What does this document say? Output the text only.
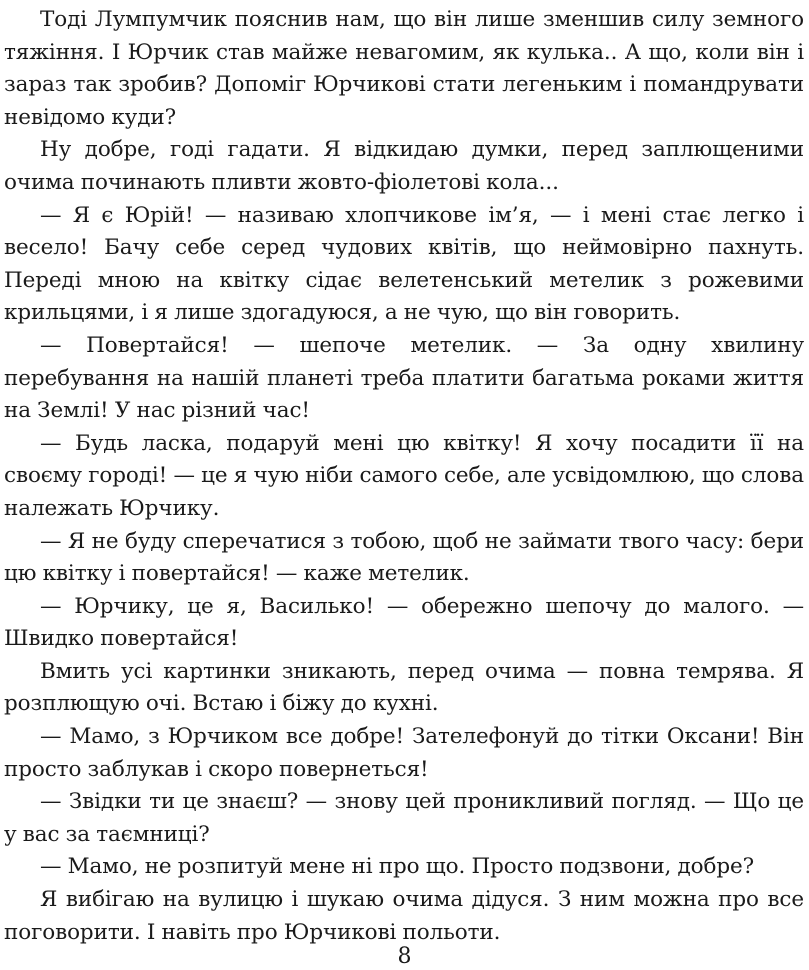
Тоді Лумпумчик пояснив нам, що він лише зменшив силу земного тяжіння. І Юрчик став майже невагомим, як кулька.. А що, коли він і зараз так зробив? Допоміг Юрчикові стати легеньким і помандрувати невідомо куди?

Ну добре, годі гадати. Я відкидаю думки, перед заплющеними очима починають пливти жовто-фіолетові кола...

— Я є Юрій! — називаю хлопчикове ім’я, — і мені стає легко і весело! Бачу себе серед чудових квітів, що неймовірно пахнуть. Переді мною на квітку сідає велетенський метелик з рожевими крильцями, і я лише здогадуюся, а не чую, що він говорить.

— Повертайся! — шепоче метелик. — За одну хвилину перебування на нашій планеті треба платити багатьма роками життя на Землі! У нас різний час!

— Будь ласка, подаруй мені цю квітку! Я хочу посадити її на своєму городі! — це я чую ніби самого себе, але усвідомлюю, що слова належать Юрчику.

— Я не буду сперечатися з тобою, щоб не займати твого часу: бери цю квітку і повертайся! — каже метелик.

— Юрчику, це я, Василько! — обережно шепочу до малого. — Швидко повертайся!

Вмить усі картинки зникають, перед очима — повна темрява. Я розплющую очі. Встаю і біжу до кухні.

— Мамо, з Юрчиком все добре! Зателефонуй до тітки Оксани! Він просто заблукав і скоро повернеться!

— Звідки ти це знаєш? — знову цей проникливий погляд. — Що це у вас за таємниці?

— Мамо, не розпитуй мене ні про що. Просто подзвони, добре?

Я вибігаю на вулицю і шукаю очима дідуся. З ним можна про все поговорити. І навіть про Юрчикові польоти.

8
